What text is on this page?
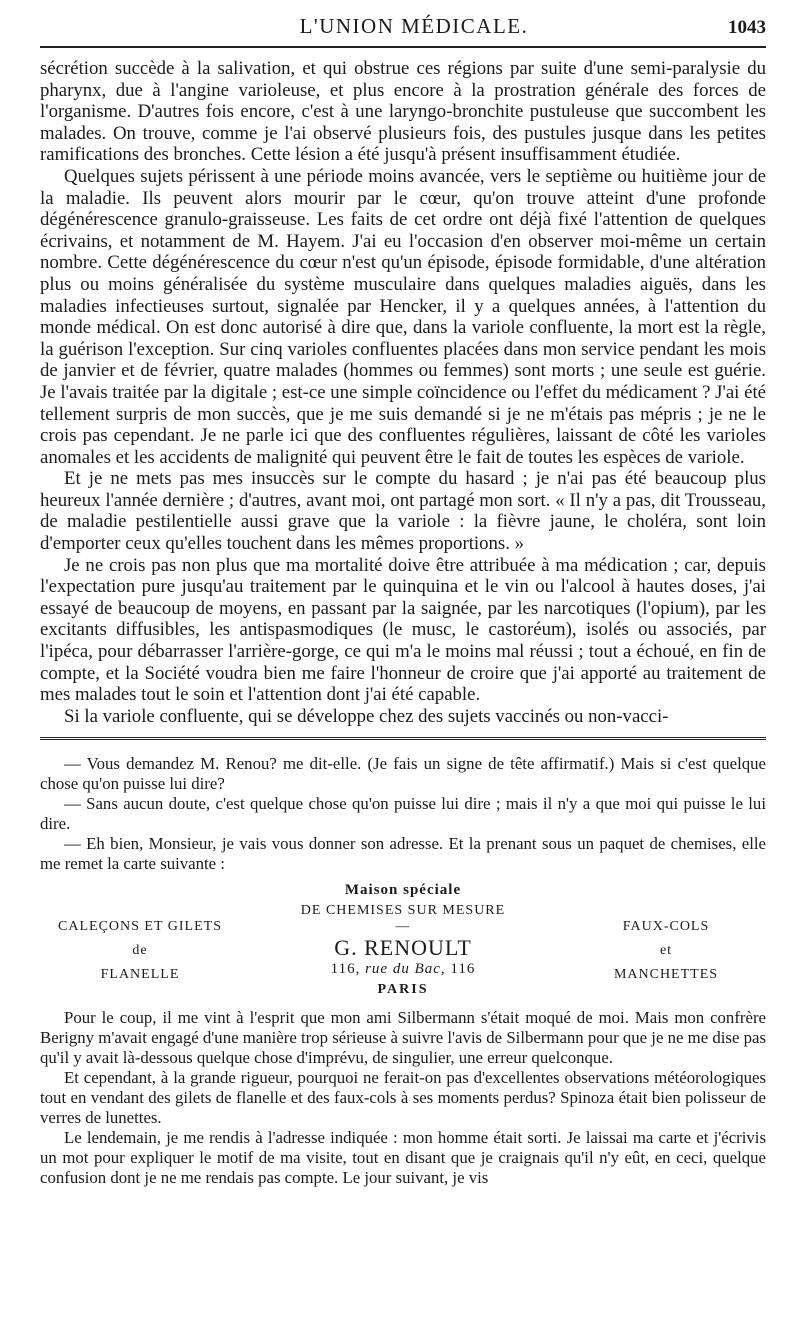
L'UNION MÉDICALE.	1043

sécrétion succède à la salivation, et qui obstrue ces régions par suite d'une semi-paralysie du pharynx, due à l'angine varioleuse, et plus encore à la prostration générale des forces de l'organisme. D'autres fois encore, c'est à une laryngo-bronchite pustuleuse que succombent les malades. On trouve, comme je l'ai observé plusieurs fois, des pustules jusque dans les petites ramifications des bronches. Cette lésion a été jusqu'à présent insuffisamment étudiée.

Quelques sujets périssent à une période moins avancée, vers le septième ou huitième jour de la maladie. Ils peuvent alors mourir par le cœur, qu'on trouve atteint d'une profonde dégénérescence granulo-graisseuse. Les faits de cet ordre ont déjà fixé l'attention de quelques écrivains, et notamment de M. Hayem. J'ai eu l'occasion d'en observer moi-même un certain nombre. Cette dégénérescence du cœur n'est qu'un épisode, épisode formidable, d'une altération plus ou moins généralisée du système musculaire dans quelques maladies aiguës, dans les maladies infectieuses surtout, signalée par Hencker, il y a quelques années, à l'attention du monde médical. On est donc autorisé à dire que, dans la variole confluente, la mort est la règle, la guérison l'exception. Sur cinq varioles confluentes placées dans mon service pendant les mois de janvier et de février, quatre malades (hommes ou femmes) sont morts ; une seule est guérie. Je l'avais traitée par la digitale ; est-ce une simple coïncidence ou l'effet du médicament ? J'ai été tellement surpris de mon succès, que je me suis demandé si je ne m'étais pas mépris ; je ne le crois pas cependant. Je ne parle ici que des confluentes régulières, laissant de côté les varioles anomales et les accidents de malignité qui peuvent être le fait de toutes les espèces de variole.

Et je ne mets pas mes insuccès sur le compte du hasard ; je n'ai pas été beaucoup plus heureux l'année dernière ; d'autres, avant moi, ont partagé mon sort. « Il n'y a pas, dit Trousseau, de maladie pestilentielle aussi grave que la variole : la fièvre jaune, le choléra, sont loin d'emporter ceux qu'elles touchent dans les mêmes proportions. »

Je ne crois pas non plus que ma mortalité doive être attribuée à ma médication ; car, depuis l'expectation pure jusqu'au traitement par le quinquina et le vin ou l'alcool à hautes doses, j'ai essayé de beaucoup de moyens, en passant par la saignée, par les narcotiques (l'opium), par les excitants diffusibles, les antispasmodiques (le musc, le castoréum), isolés ou associés, par l'ipéca, pour débarrasser l'arrière-gorge, ce qui m'a le moins mal réussi ; tout a échoué, en fin de compte, et la Société voudra bien me faire l'honneur de croire que j'ai apporté au traitement de mes malades tout le soin et l'attention dont j'ai été capable.

Si la variole confluente, qui se développe chez des sujets vaccinés ou non-vacci-

— Vous demandez M. Renou? me dit-elle. (Je fais un signe de tête affirmatif.) Mais si c'est quelque chose qu'on puisse lui dire?

— Sans aucun doute, c'est quelque chose qu'on puisse lui dire ; mais il n'y a que moi qui puisse le lui dire.

— Eh bien, Monsieur, je vais vous donner son adresse. Et la prenant sous un paquet de chemises, elle me remet la carte suivante :

Maison spéciale
CALEÇONS ET GILETS
de
FLANELLE
DE CHEMISES SUR MESURE
—
G. RENOULT
116, rue du Bac, 116
PARIS
FAUX-COLS
et
MANCHETTES

Pour le coup, il me vint à l'esprit que mon ami Silbermann s'était moqué de moi. Mais mon confrère Berigny m'avait engagé d'une manière trop sérieuse à suivre l'avis de Silbermann pour que je ne me dise pas qu'il y avait là-dessous quelque chose d'imprévu, de singulier, une erreur quelconque.

Et cependant, à la grande rigueur, pourquoi ne ferait-on pas d'excellentes observations météorologiques tout en vendant des gilets de flanelle et des faux-cols à ses moments perdus? Spinoza était bien polisseur de verres de lunettes.

Le lendemain, je me rendis à l'adresse indiquée : mon homme était sorti. Je laissai ma carte et j'écrivis un mot pour expliquer le motif de ma visite, tout en disant que je craignais qu'il n'y eût, en ceci, quelque confusion dont je ne me rendais pas compte. Le jour suivant, je vis
